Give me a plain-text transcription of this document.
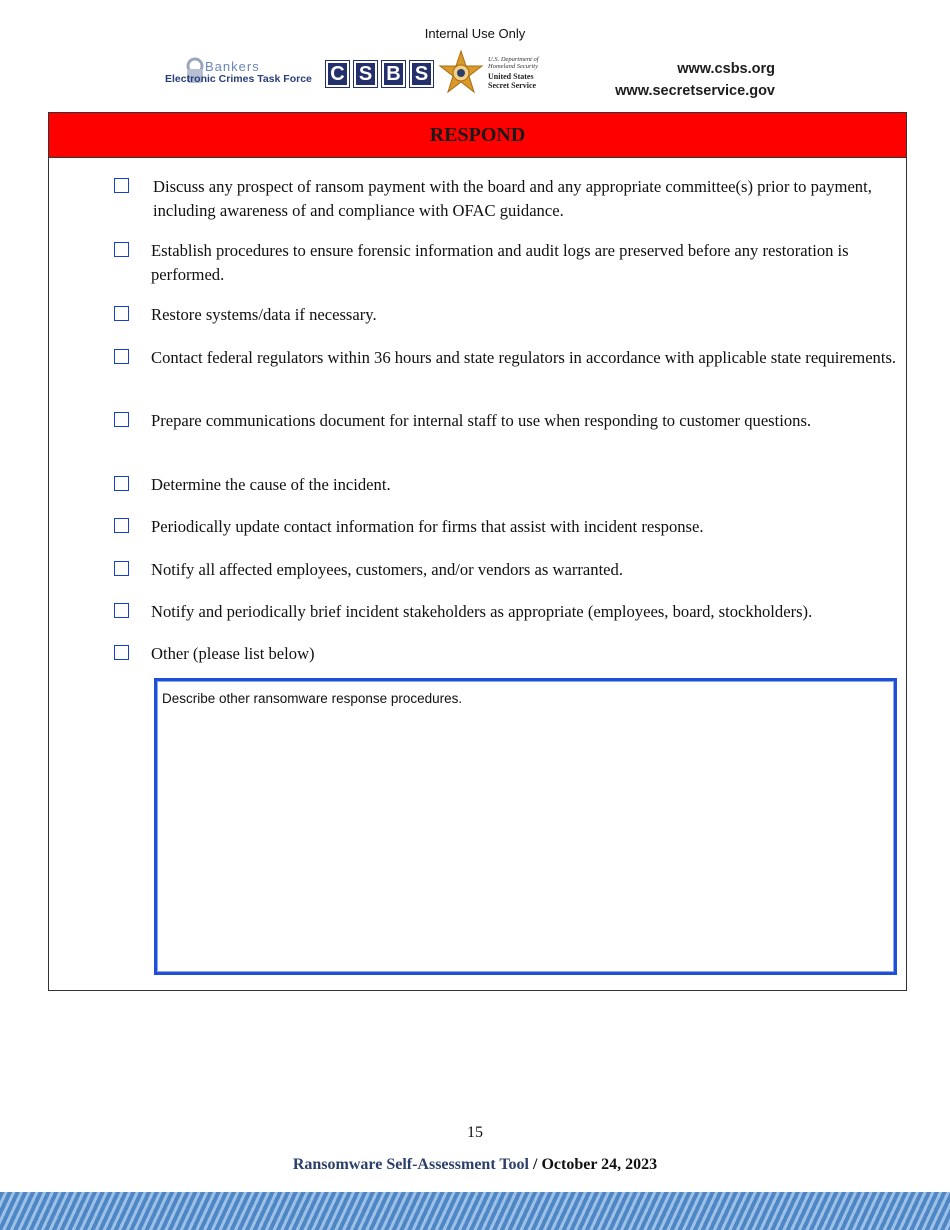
Internal Use Only
Bankers
Electronic Crimes Task Force C S B S
U.S. Department of Homeland Security
United States Secret Service
www.csbs.org
www.secretservice.gov
RESPOND
Discuss any prospect of ransom payment with the board and any appropriate committee(s) prior to payment, including awareness of and compliance with OFAC guidance.
Establish procedures to ensure forensic information and audit logs are preserved before any restoration is performed.
Restore systems/data if necessary.
Contact federal regulators within 36 hours and state regulators in accordance with applicable state requirements.
Prepare communications document for internal staff to use when responding to customer questions.
Determine the cause of the incident.
Periodically update contact information for firms that assist with incident response.
Notify all affected employees, customers, and/or vendors as warranted.
Notify and periodically brief incident stakeholders as appropriate (employees, board, stockholders).
Other (please list below)
Describe other ransomware response procedures.
15
Ransomware Self-Assessment Tool / October 24, 2023
